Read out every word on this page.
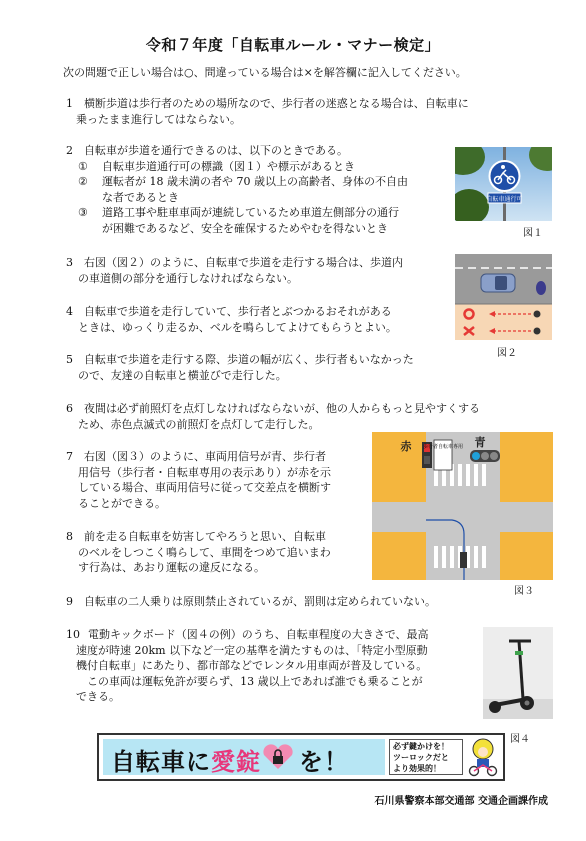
令和７年度「自転車ルール・マナー検定」
次の問題で正しい場合は○、問違っている場合は×を解答欄に記入してください。
1 横断歩道は歩行者のための場所なので、歩行者の迷惑となる場合は、自転車に
乗ったまま進行してはならない。
2 自転車が歩道を通行できるのは、以下のときである。
① 自転車歩道通行可の標識（図１）や標示があるとき
② 運転者が 18 歳未満の者や 70 歳以上の高齢者、身体の不自由
な者であるとき
③ 道路工事や駐車車両が連続しているため車道左側部分の通行
が困難であるなど、安全を確保するためやむを得ないとき
3 右図（図２）のように、自転車で歩道を走行する場合は、歩道内
の車道側の部分を通行しなければならない。
4 自転車で歩道を走行していて、歩行者とぶつかるおそれがある
ときは、ゆっくり走るか、ベルを鳴らしてよけてもらうとよい。
5 自転車で歩道を走行する際、歩道の幅が広く、歩行者もいなかった
ので、友達の自転車と横並びで走行した。
6 夜間は必ず前照灯を点灯しなければならないが、他の人からもっと見やすくする
ため、赤色点滅式の前照灯を点灯して走行した。
7 右図（図３）のように、車両用信号が青、歩行者
用信号（歩行者・自転車専用の表示あり）が赤を示
している場合、車両用信号に従って交差点を横断す
ることができる。
8 前を走る自転車を妨害してやろうと思い、自転車
のベルをしつこく鳴らして、車間をつめて追いまわ
す行為は、あおり運転の違反になる。
9 自転車の二人乗りは原則禁止されているが、罰則は定められていない。
10 電動キックボード（図４の例）のうち、自転車程度の大きさで、最高
速度が時速 20km 以下など一定の基準を満たすものは、「特定小型原動
機付自転車」にあたり、都市部などでレンタル用車両が普及している。
　この車両は運転免許が要らず、13 歳以上であれば誰でも乗ることが
できる。
自転車通行可
図１
図２
歩行者自転車専用
赤	青
図３
図４
自転車に愛錠 を！
必ず鍵かけを！
ツーロックだと
より効果的！
石川県警察本部交通部 交通企画課作成
